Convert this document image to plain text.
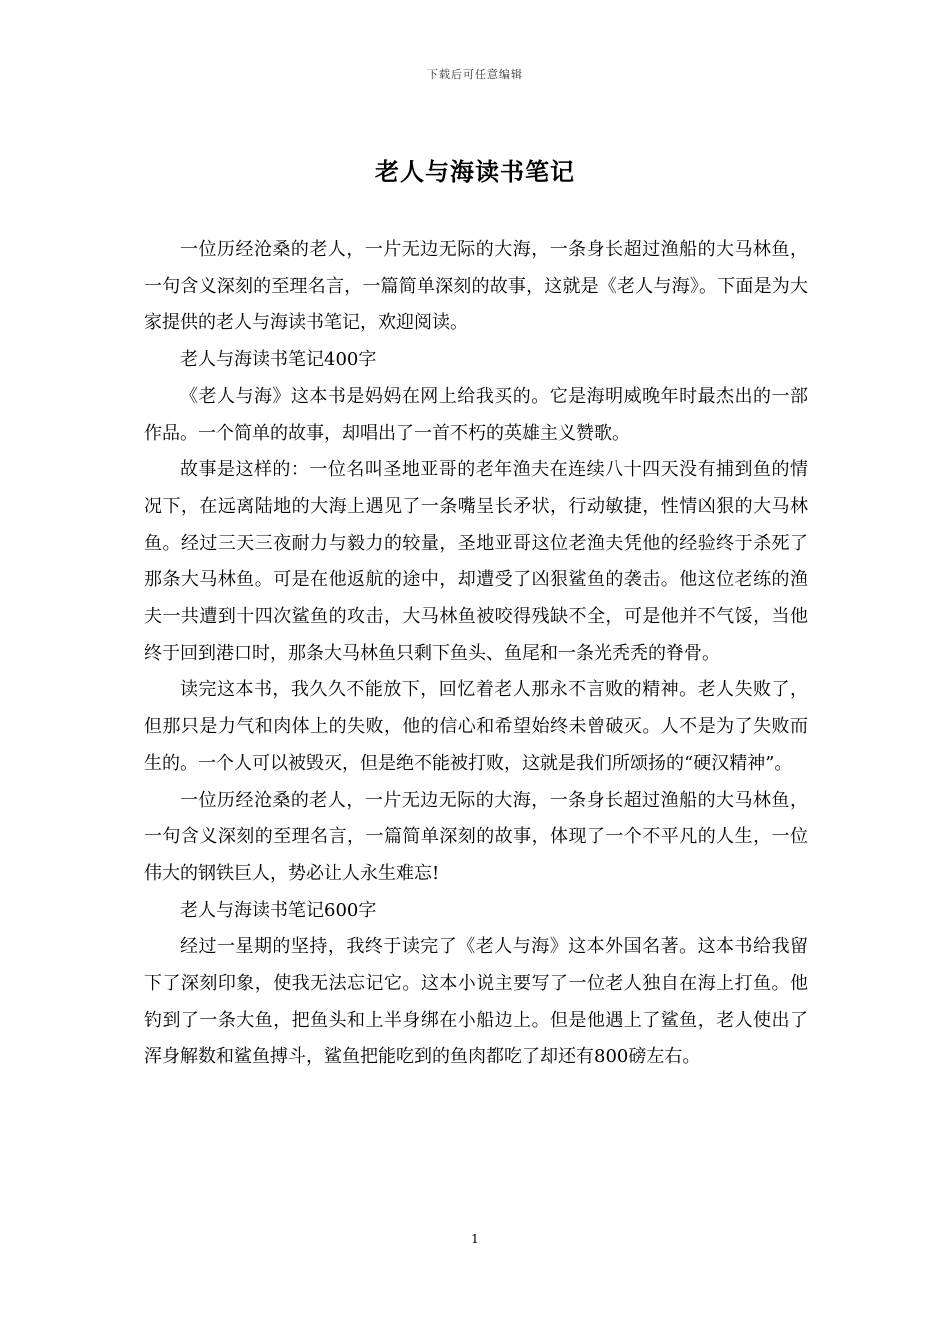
下载后可任意编辑
老人与海读书笔记

一位历经沧桑的老人，一片无边无际的大海，一条身长超过渔船的大马林鱼，一句含义深刻的至理名言，一篇简单深刻的故事，这就是《老人与海》。下面是为大家提供的老人与海读书笔记，欢迎阅读。

老人与海读书笔记400字

《老人与海》这本书是妈妈在网上给我买的。它是海明威晚年时最杰出的一部作品。一个简单的故事，却唱出了一首不朽的英雄主义赞歌。

故事是这样的：一位名叫圣地亚哥的老年渔夫在连续八十四天没有捕到鱼的情况下，在远离陆地的大海上遇见了一条嘴呈长矛状，行动敏捷，性情凶狠的大马林鱼。经过三天三夜耐力与毅力的较量，圣地亚哥这位老渔夫凭他的经验终于杀死了那条大马林鱼。可是在他返航的途中，却遭受了凶狠鲨鱼的袭击。他这位老练的渔夫一共遭到十四次鲨鱼的攻击，大马林鱼被咬得残缺不全，可是他并不气馁，当他终于回到港口时，那条大马林鱼只剩下鱼头、鱼尾和一条光秃秃的脊骨。

读完这本书，我久久不能放下，回忆着老人那永不言败的精神。老人失败了，但那只是力气和肉体上的失败，他的信心和希望始终未曾破灭。人不是为了失败而生的。一个人可以被毁灭，但是绝不能被打败，这就是我们所颂扬的“硬汉精神”。

一位历经沧桑的老人，一片无边无际的大海，一条身长超过渔船的大马林鱼，一句含义深刻的至理名言，一篇简单深刻的故事，体现了一个不平凡的人生，一位伟大的钢铁巨人，势必让人永生难忘!

老人与海读书笔记600字

经过一星期的坚持，我终于读完了《老人与海》这本外国名著。这本书给我留下了深刻印象，使我无法忘记它。这本小说主要写了一位老人独自在海上打鱼。他钓到了一条大鱼，把鱼头和上半身绑在小船边上。但是他遇上了鲨鱼，老人使出了浑身解数和鲨鱼搏斗，鲨鱼把能吃到的鱼肉都吃了却还有800磅左右。

1
